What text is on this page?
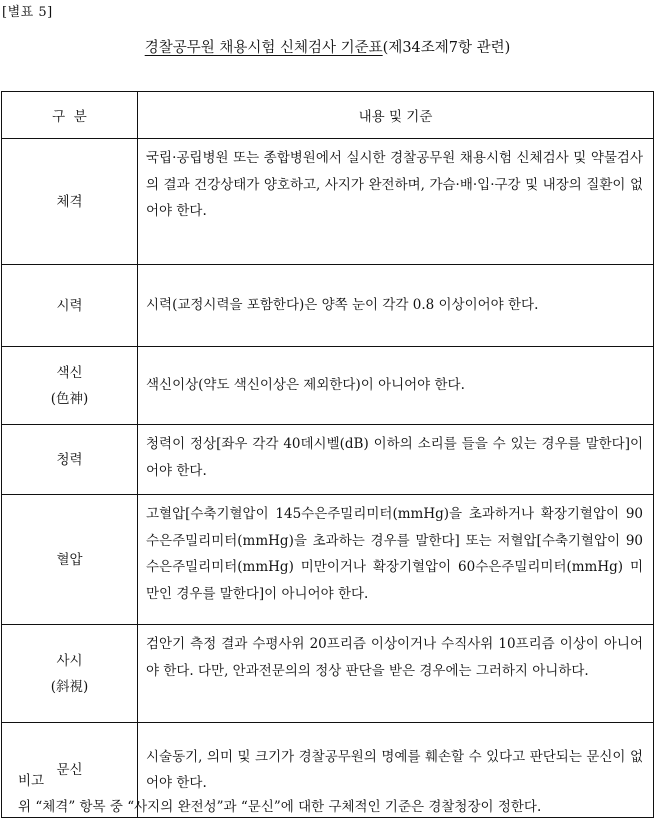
[별표 5]
경찰공무원 채용시험 신체검사 기준표(제34조제7항 관련)
구  분	내용 및 기준

체격	국립·공립병원 또는 종합병원에서 실시한 경찰공무원 채용시험 신체검사 및 약물검사의 결과 건강상태가 양호하고, 사지가 완전하며, 가슴·배·입·구강 및 내장의 질환이 없어야 한다.

시력	시력(교정시력을 포함한다)은 양쪽 눈이 각각 0.8 이상이어야 한다.

색신
(色神)	색신이상(약도 색신이상은 제외한다)이 아니어야 한다.

청력	청력이 정상[좌우 각각 40데시벨(dB) 이하의 소리를 들을 수 있는 경우를 말한다]이어야 한다.

혈압	고혈압[수축기혈압이 145수은주밀리미터(mmHg)을 초과하거나 확장기혈압이 90수은주밀리미터(mmHg)을 초과하는 경우를 말한다] 또는 저혈압[수축기혈압이 90수은주밀리미터(mmHg) 미만이거나 확장기혈압이 60수은주밀리미터(mmHg) 미만인 경우를 말한다]이 아니어야 한다.

사시
(斜視)	검안기 측정 결과 수평사위 20프리즘 이상이거나 수직사위 10프리즘 이상이 아니어야 한다. 다만, 안과전문의의 정상 판단을 받은 경우에는 그러하지 아니하다.

문신	시술동기, 의미 및 크기가 경찰공무원의 명예를 훼손할 수 있다고 판단되는 문신이 없어야 한다.
비고
위 “체격” 항목 중 “사지의 완전성”과 “문신”에 대한 구체적인 기준은 경찰청장이 정한다.
